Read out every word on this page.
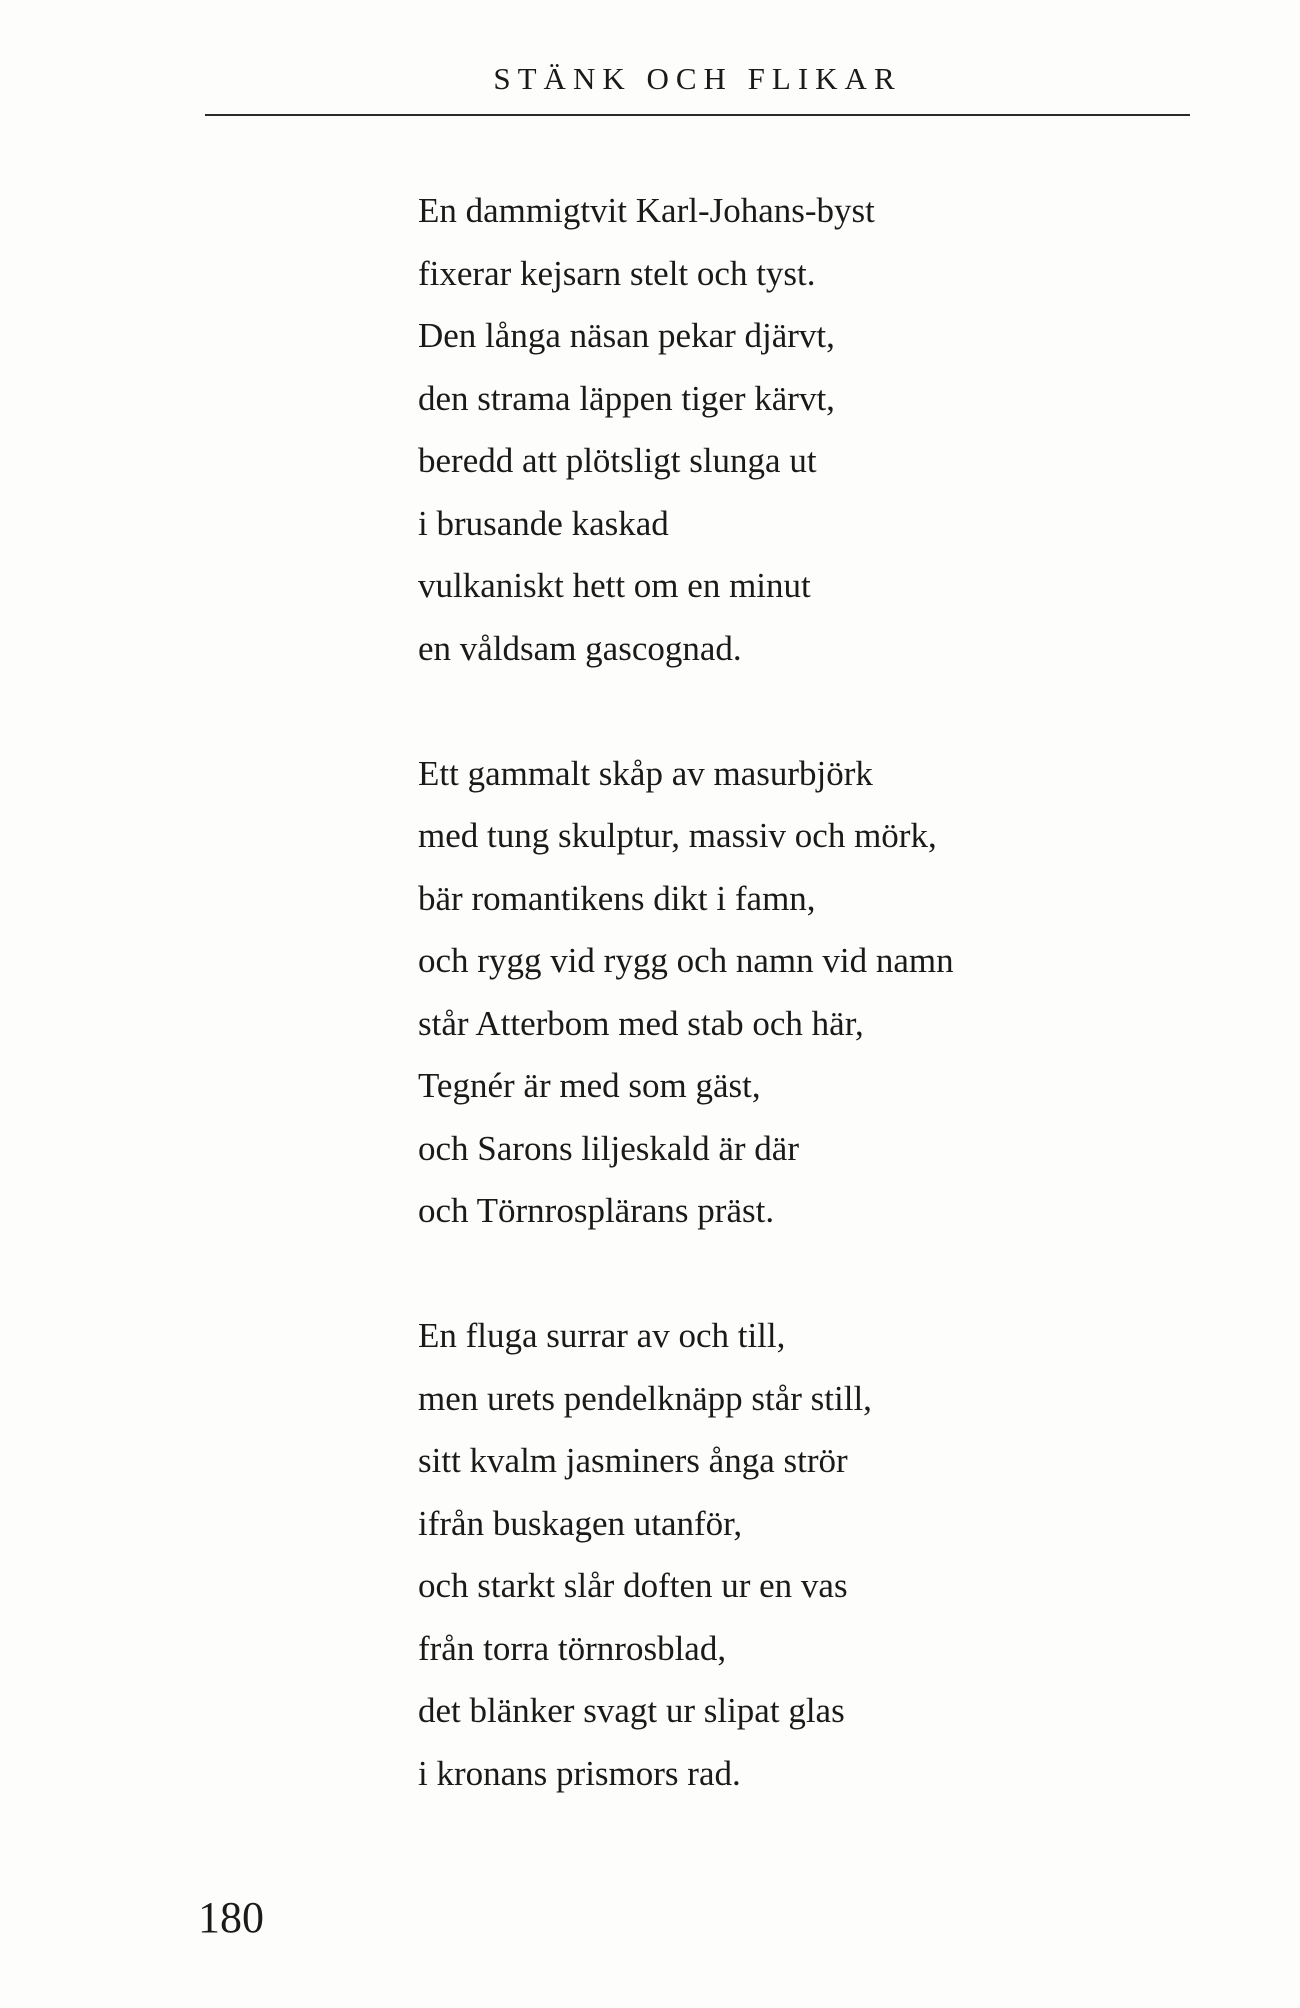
STÄNK OCH FLIKAR
En dammigtvit Karl-Johans-byst
fixerar kejsarn stelt och tyst.
Den långa näsan pekar djärvt,
den strama läppen tiger kärvt,
beredd att plötsligt slunga ut
i brusande kaskad
vulkaniskt hett om en minut
en våldsam gascognad.
Ett gammalt skåp av masurbjörk
med tung skulptur, massiv och mörk,
bär romantikens dikt i famn,
och rygg vid rygg och namn vid namn
står Atterbom med stab och här,
Tegnér är med som gäst,
och Sarons liljeskald är där
och Törnrosplärans präst.
En fluga surrar av och till,
men urets pendelknäpp står still,
sitt kvalm jasminers ånga strör
ifrån buskagen utanför,
och starkt slår doften ur en vas
från torra törnrosblad,
det blänker svagt ur slipat glas
i kronans prismors rad.
180
